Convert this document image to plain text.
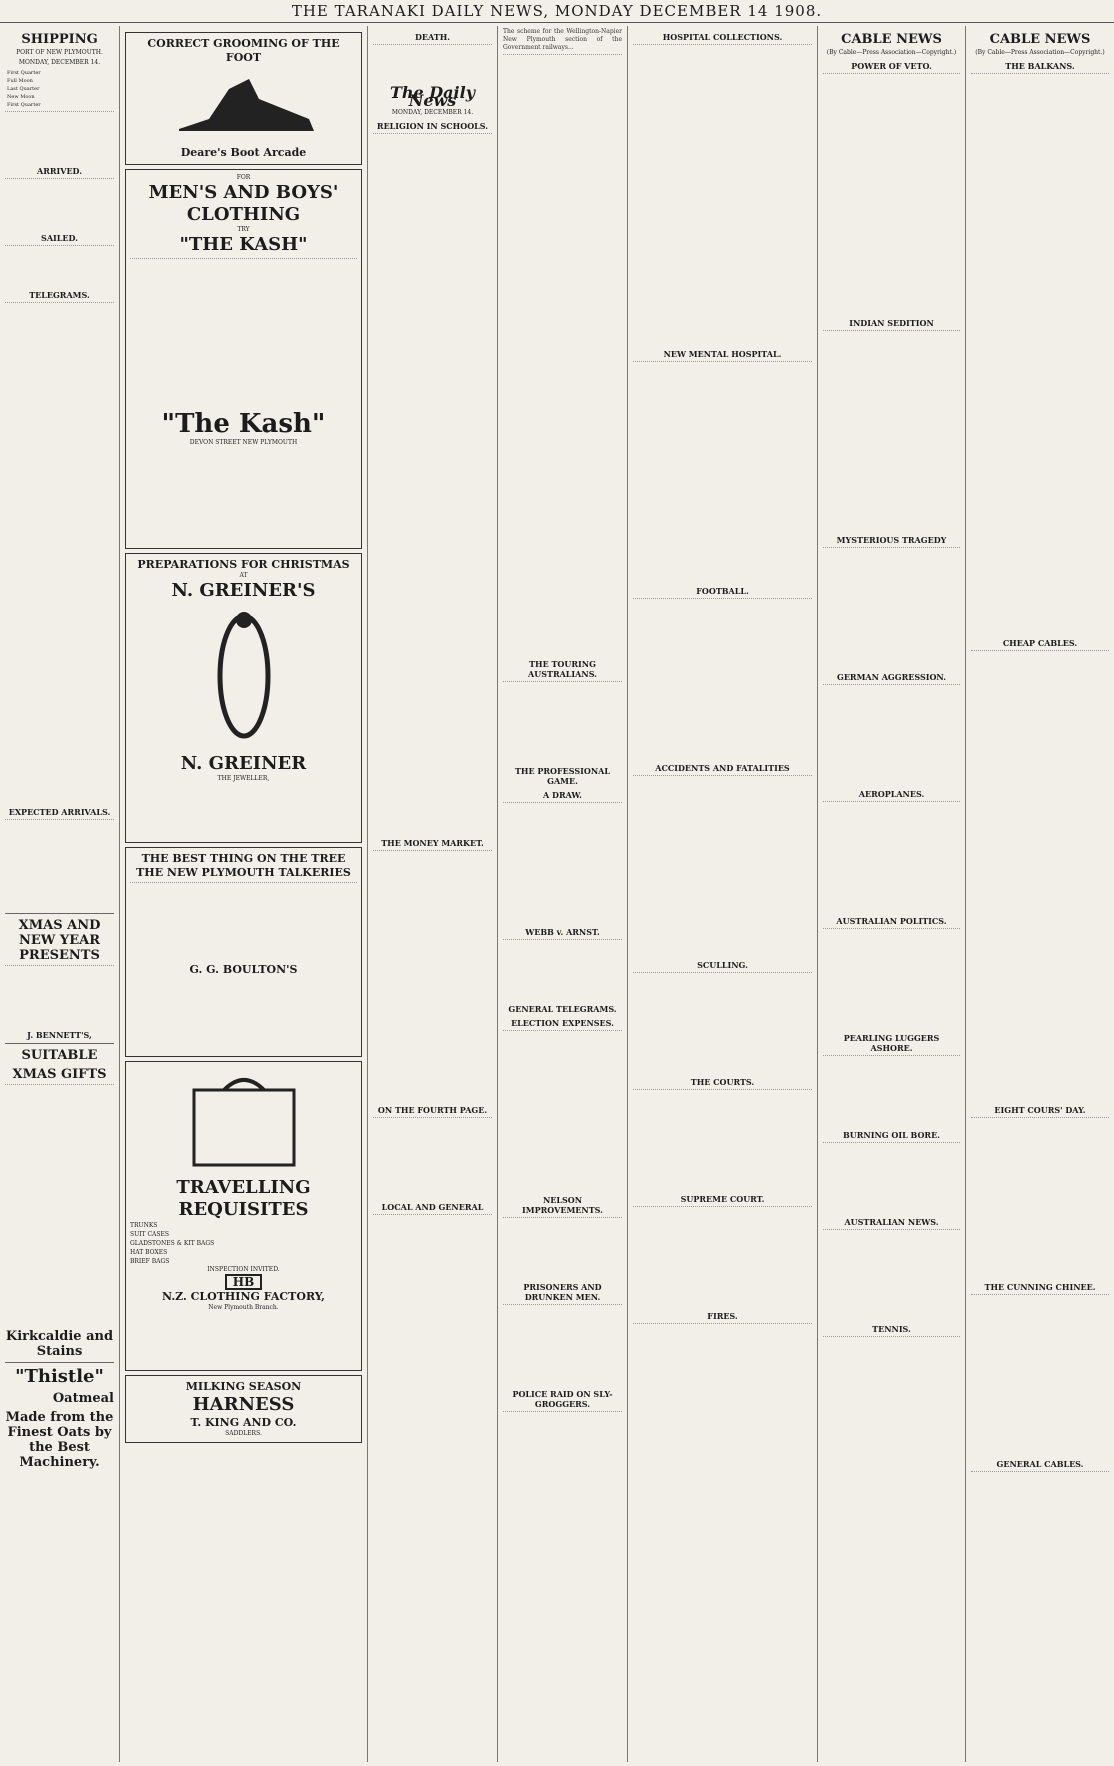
THE TARANAKI DAILY NEWS, MONDAY DECEMBER 14 1908.
SHIPPING
PORT OF NEW PLYMOUTH.
MONDAY, DECEMBER 14.
First Quarter
Full Moon
Last Quarter
New Moon
First Quarter
ARRIVED.
SAILED.
TELEGRAMS.
EXPECTED ARRIVALS.
XMAS AND NEW YEAR PRESENTS
J. BENNETT'S,
SUITABLE
XMAS GIFTS
Kirkcaldie and Stains
"Thistle"
Oatmeal
Made from the Finest Oats by the Best Machinery.
CORRECT GROOMING OF THE FOOT
Deare's Boot Arcade
FOR
MEN'S AND BOYS' CLOTHING
TRY
"THE KASH"
"The Kash"
DEVON STREET NEW PLYMOUTH
PREPARATIONS FOR CHRISTMAS
AT
N. GREINER'S
N. GREINER
THE JEWELLER,
THE BEST THING ON THE TREE
THE NEW PLYMOUTH TALKERIES
G. G. BOULTON'S
TRAVELLING REQUISITES
TRUNKS
SUIT CASES
GLADSTONES & KIT BAGS
HAT BOXES
BRIEF BAGS
INSPECTION INVITED.
HB
N.Z. CLOTHING FACTORY,
New Plymouth Branch.
MILKING SEASON
HARNESS
T. KING AND CO.
SADDLERS.
DEATH.
The Daily News
MONDAY, DECEMBER 14.
RELIGION IN SCHOOLS.
THE MONEY MARKET.
ON THE FOURTH PAGE.
LOCAL AND GENERAL
The scheme for the Wellington-Napier New Plymouth section of the Government railways...
THE TOURING AUSTRALIANS.
THE PROFESSIONAL GAME.
A DRAW.
WEBB v. ARNST.
GENERAL TELEGRAMS.
ELECTION EXPENSES.
NELSON IMPROVEMENTS.
PRISONERS AND DRUNKEN MEN.
POLICE RAID ON SLY-GROGGERS.
HOSPITAL COLLECTIONS.
NEW MENTAL HOSPITAL.
FOOTBALL.
ACCIDENTS AND FATALITIES
SCULLING.
THE COURTS.
SUPREME COURT.
FIRES.
CABLE NEWS
(By Cable—Press Association—Copyright.)
POWER OF VETO.
INDIAN SEDITION
MYSTERIOUS TRAGEDY
GERMAN AGGRESSION.
AEROPLANES.
AUSTRALIAN POLITICS.
PEARLING LUGGERS ASHORE.
BURNING OIL BORE.
AUSTRALIAN NEWS.
TENNIS.
CABLE NEWS
(By Cable—Press Association—Copyright.)
THE BALKANS.
CHEAP CABLES.
EIGHT COURS' DAY.
THE CUNNING CHINEE.
GENERAL CABLES.
